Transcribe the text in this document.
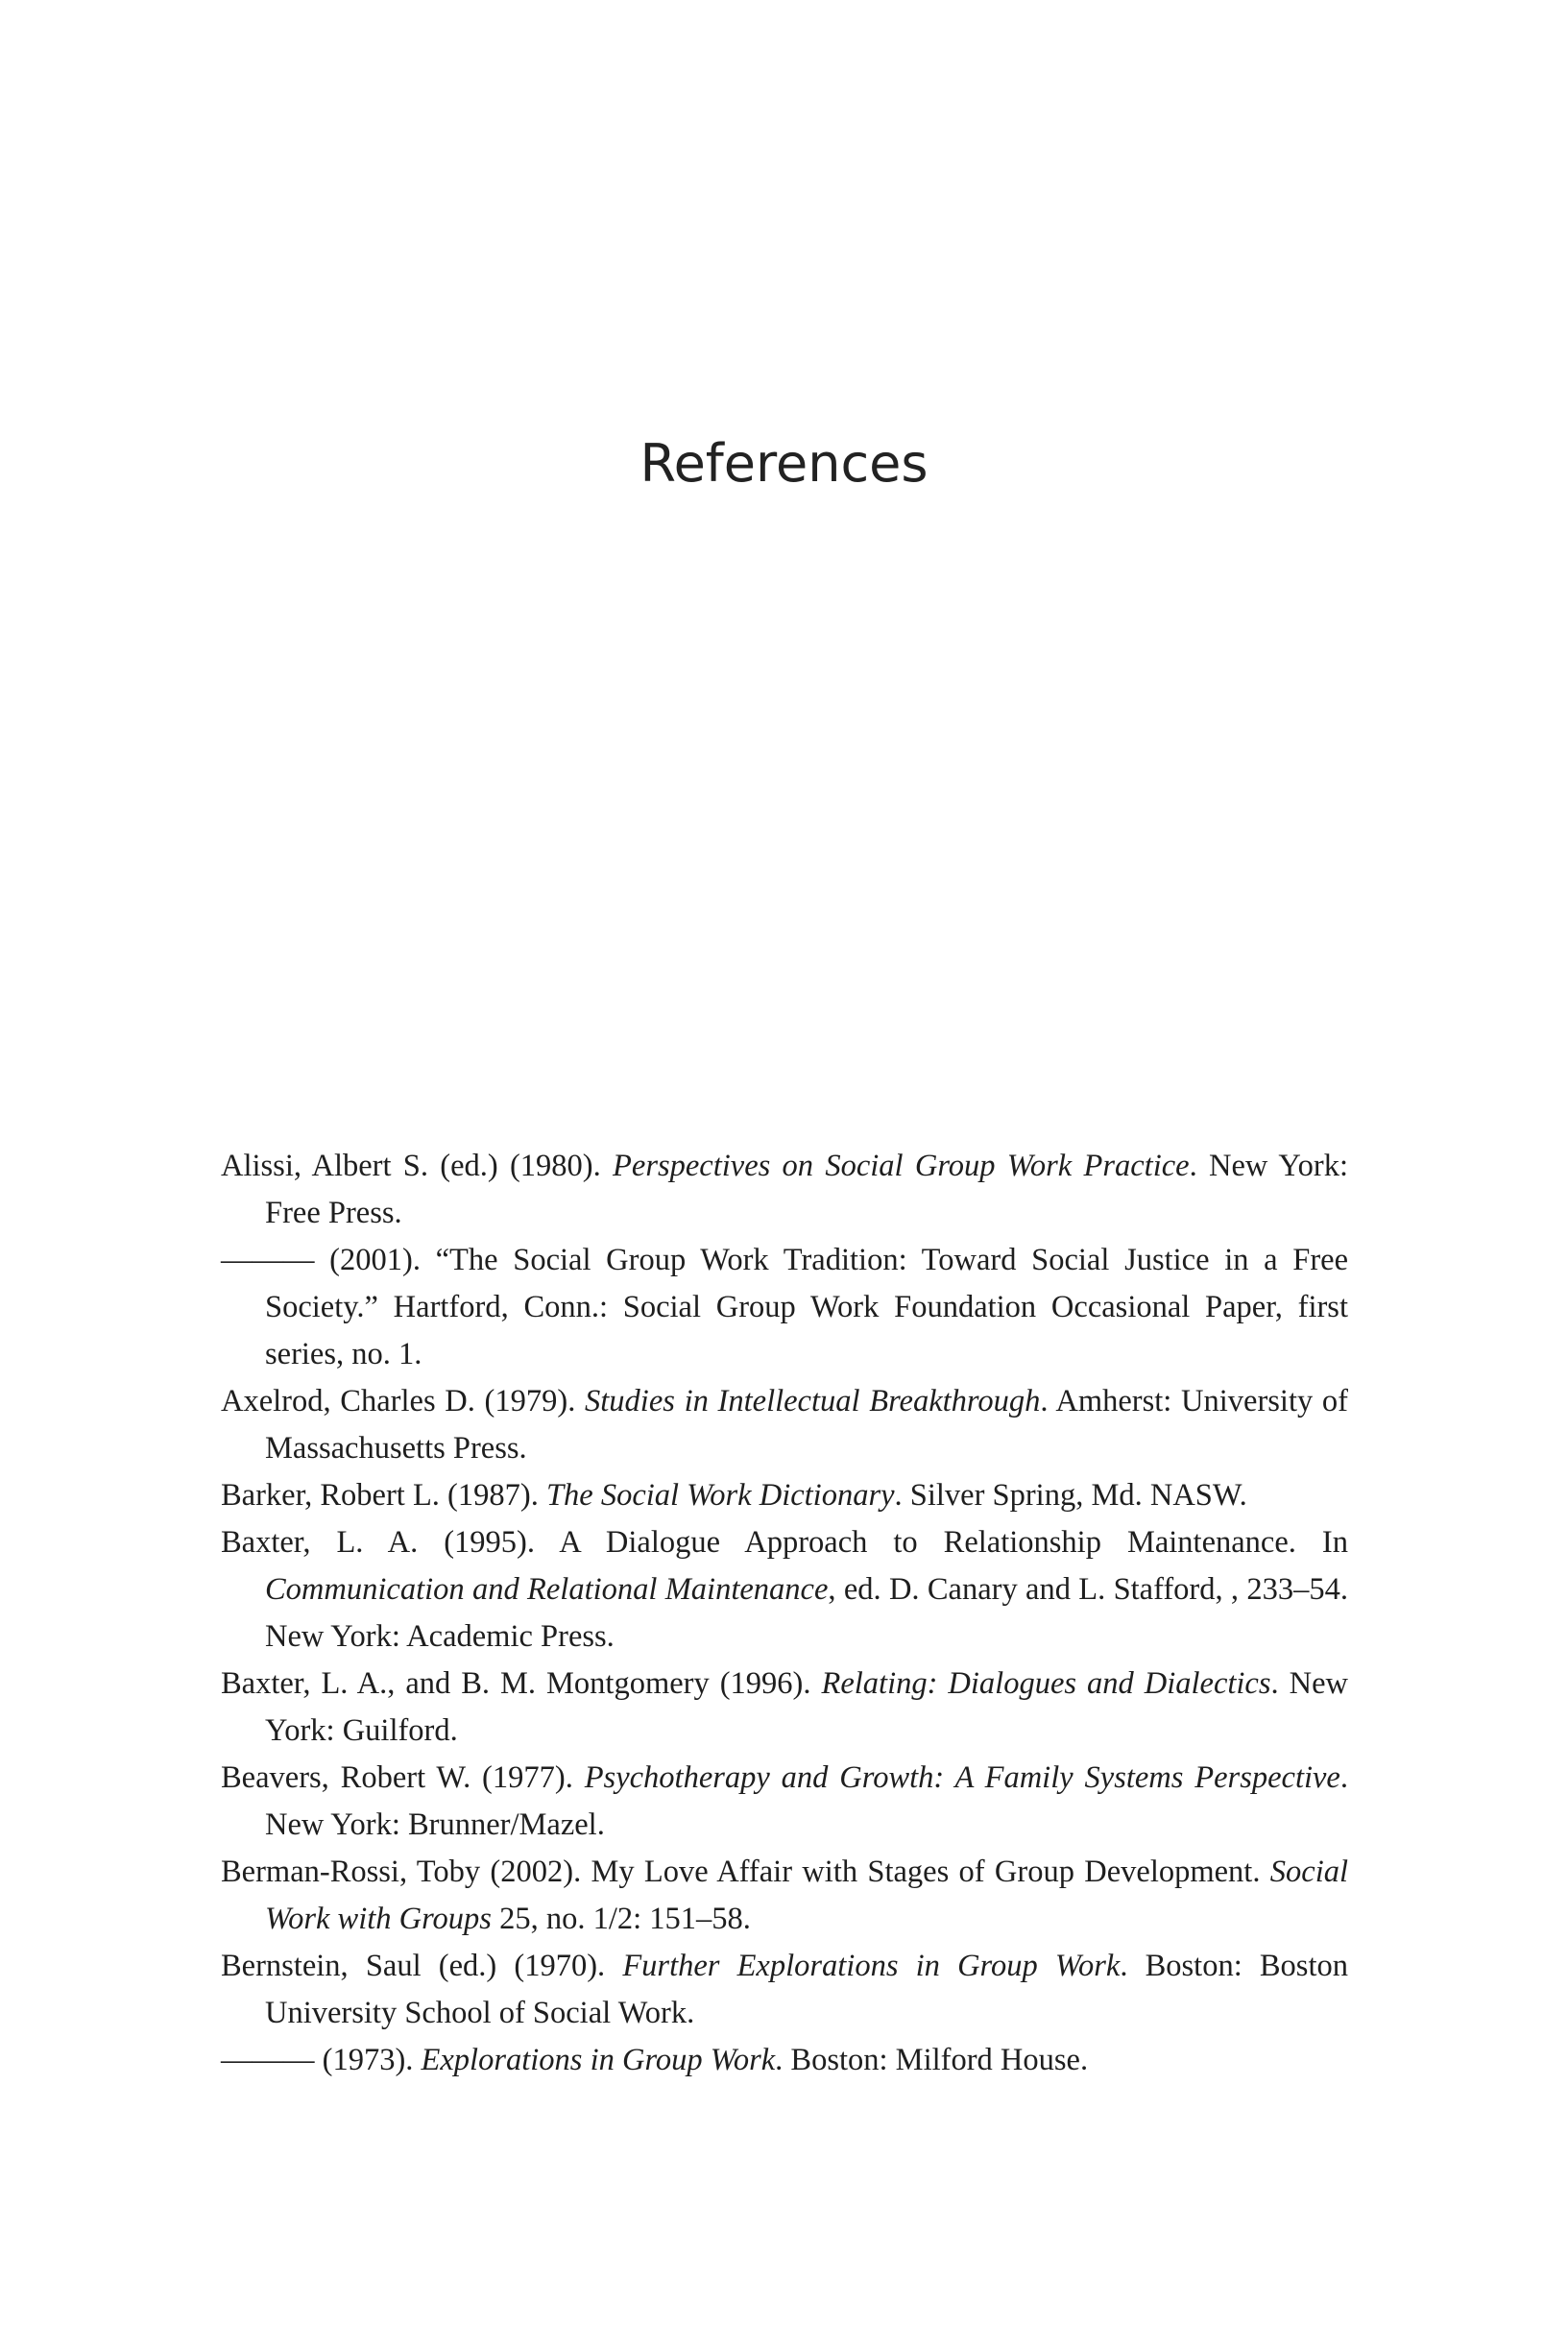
References
Alissi, Albert S. (ed.) (1980). Perspectives on Social Group Work Practice. New York: Free Press.
——— (2001). “The Social Group Work Tradition: Toward Social Justice in a Free Society.” Hartford, Conn.: Social Group Work Foundation Occasional Paper, first series, no. 1.
Axelrod, Charles D. (1979). Studies in Intellectual Breakthrough. Amherst: University of Massachusetts Press.
Barker, Robert L. (1987). The Social Work Dictionary. Silver Spring, Md. NASW.
Baxter, L. A. (1995). A Dialogue Approach to Relationship Maintenance. In Communication and Relational Maintenance, ed. D. Canary and L. Stafford, , 233–54. New York: Academic Press.
Baxter, L. A., and B. M. Montgomery (1996). Relating: Dialogues and Dialectics. New York: Guilford.
Beavers, Robert W. (1977). Psychotherapy and Growth: A Family Systems Perspective. New York: Brunner/Mazel.
Berman-Rossi, Toby (2002). My Love Affair with Stages of Group Development. Social Work with Groups 25, no. 1/2: 151–58.
Bernstein, Saul (ed.) (1970). Further Explorations in Group Work. Boston: Boston University School of Social Work.
——— (1973). Explorations in Group Work. Boston: Milford House.
